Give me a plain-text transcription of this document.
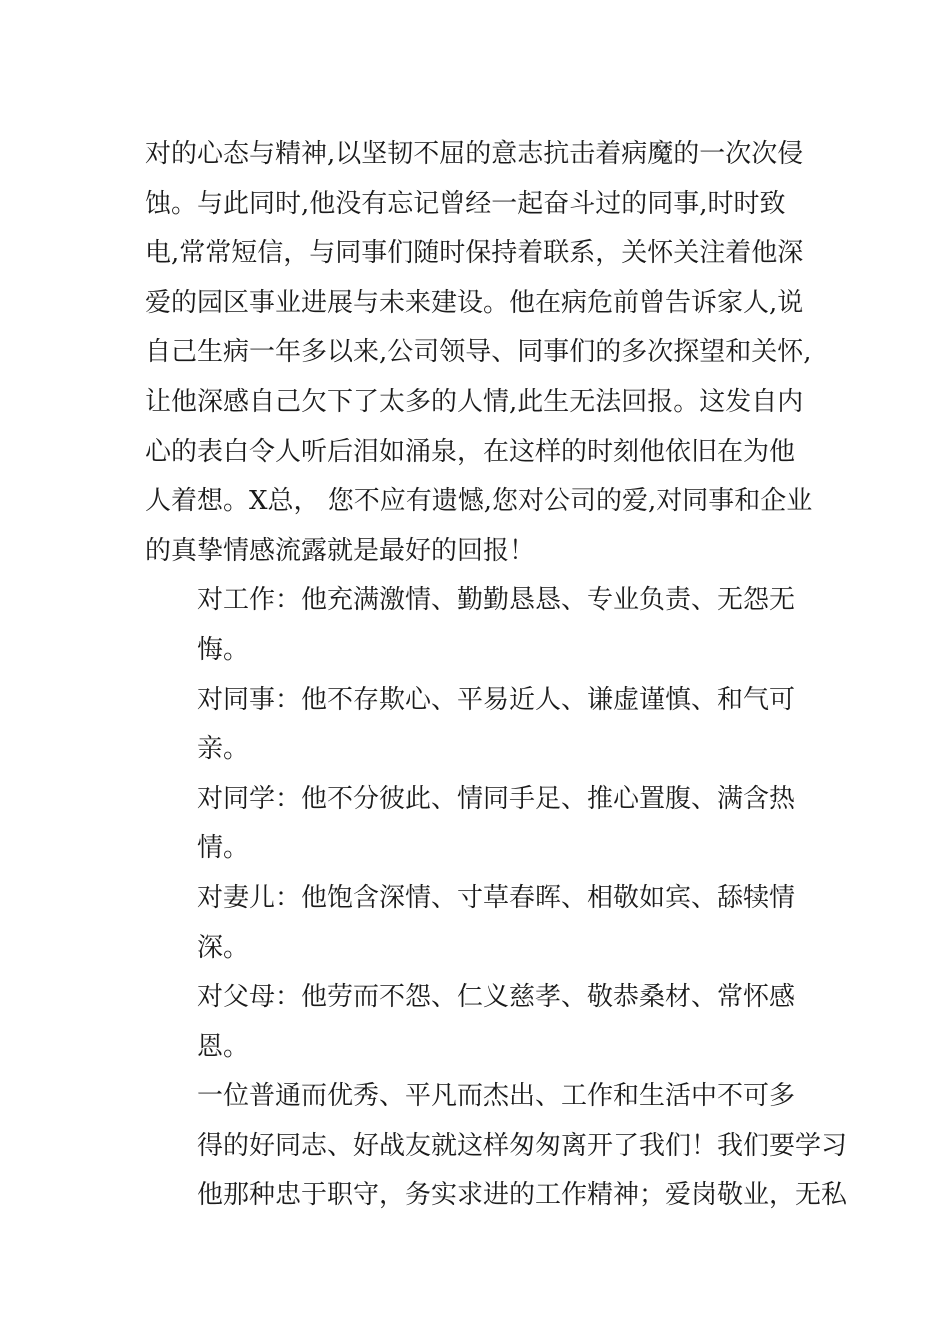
对的心态与精神,以坚韧不屈的意志抗击着病魔的一次次侵
蚀。与此同时,他没有忘记曾经一起奋斗过的同事,时时致
电,常常短信，与同事们随时保持着联系，关怀关注着他深
爱的园区事业进展与未来建设。他在病危前曾告诉家人,说
自己生病一年多以来,公司领导、同事们的多次探望和关怀,
让他深感自己欠下了太多的人情,此生无法回报。这发自内
心的表白令人听后泪如涌泉，在这样的时刻他依旧在为他
人着想。X总， 您不应有遗憾,您对公司的爱,对同事和企业
的真挚情感流露就是最好的回报！

对工作：他充满激情、勤勤恳恳、专业负责、无怨无
悔。

对同事：他不存欺心、平易近人、谦虚谨慎、和气可
亲。

对同学：他不分彼此、情同手足、推心置腹、满含热
情。

对妻儿：他饱含深情、寸草春晖、相敬如宾、舔犊情
深。

对父母：他劳而不怨、仁义慈孝、敬恭桑材、常怀感
恩。

一位普通而优秀、平凡而杰出、工作和生活中不可多
得的好同志、好战友就这样匆匆离开了我们！我们要学习
他那种忠于职守，务实求进的工作精神；爱岗敬业，无私
